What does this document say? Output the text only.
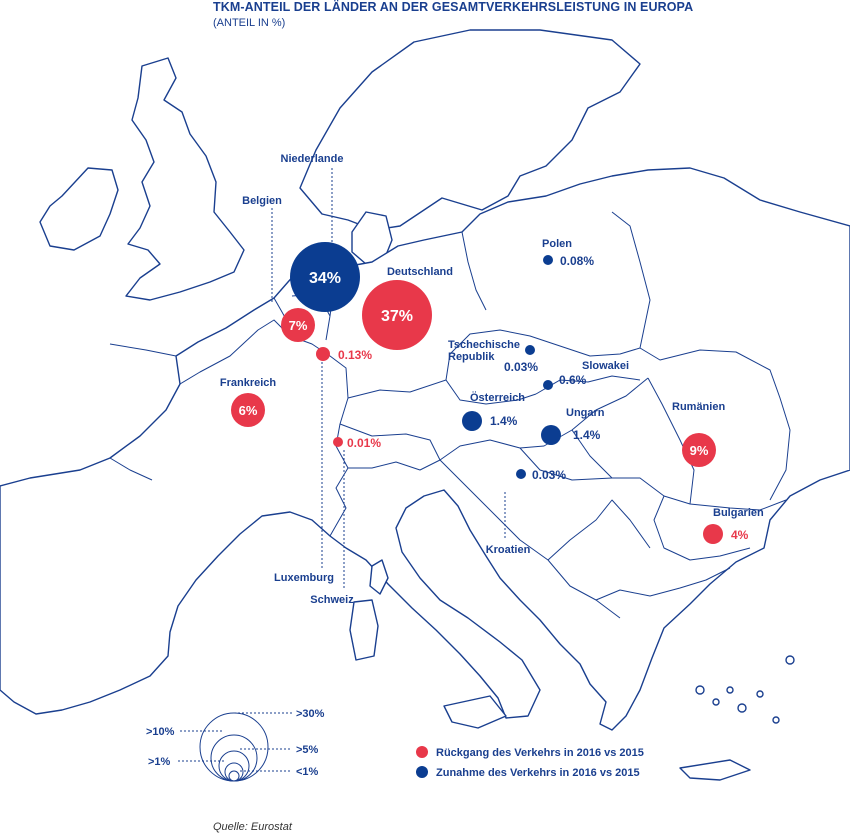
TKM-ANTEIL DER LÄNDER AN DER GESAMTVERKEHRSLEISTUNG IN EUROPA
(ANTEIL IN %)
34%
37%
7%
0.13%
6%
0.01%
0.08%
0.03%
0.6%
1.4%
1.4%
9%
4%
0.03%
Niederlande
Belgien
Deutschland
Frankreich
Polen
Tschechische
Republik
Slowakei
Österreich
Ungarn	Rumänien
Bulgarien
Kroatien
Luxemburg
Schweiz
>30%
>10%
>5%
>1%
<1%
Rückgang des Verkehrs in 2016 vs 2015
Zunahme des Verkehrs in 2016 vs 2015
Quelle: Eurostat
